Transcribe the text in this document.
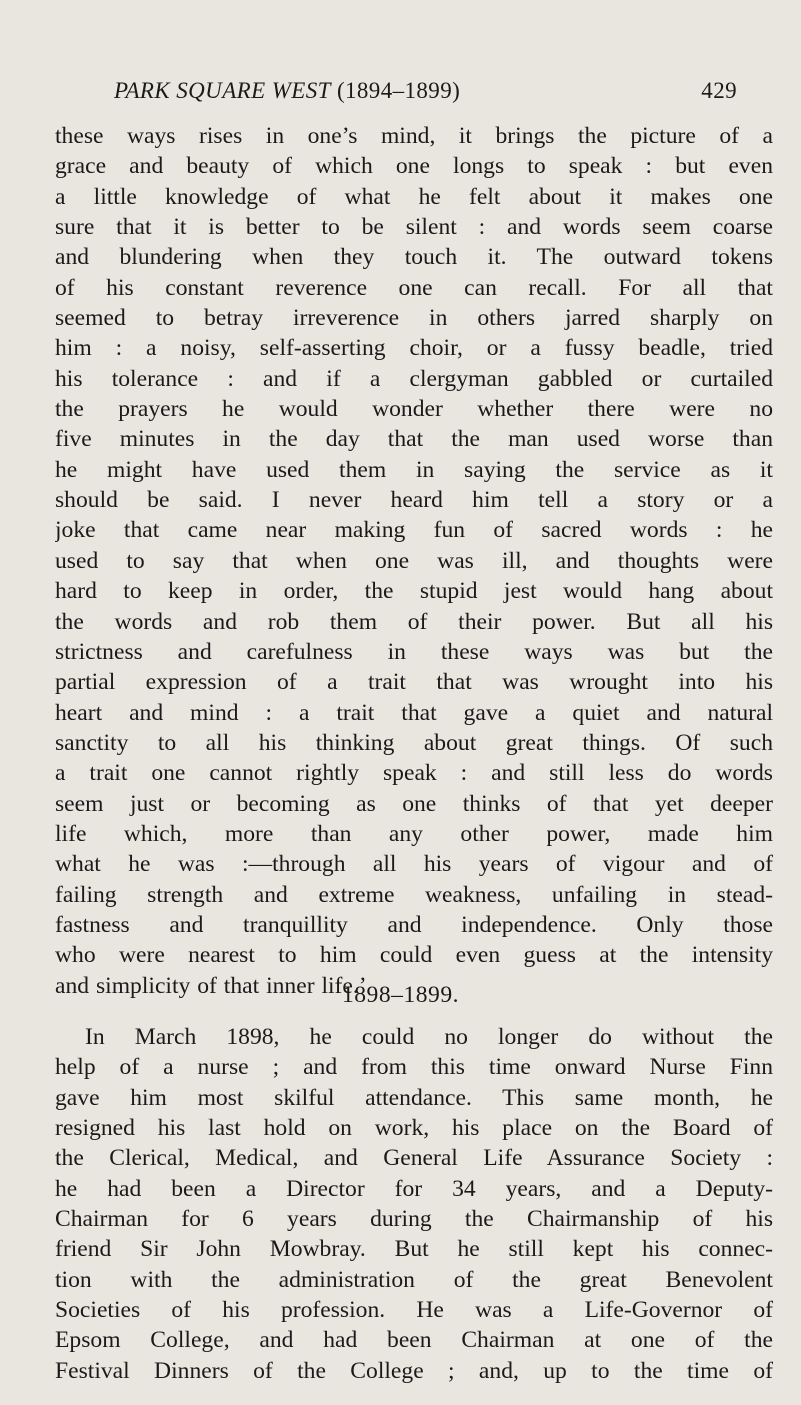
PARK SQUARE WEST (1894–1899)	429
these ways rises in one’s mind, it brings the picture of a
grace and beauty of which one longs to speak : but even
a little knowledge of what he felt about it makes one
sure that it is better to be silent : and words seem coarse
and blundering when they touch it. The outward tokens
of his constant reverence one can recall. For all that
seemed to betray irreverence in others jarred sharply on
him : a noisy, self-asserting choir, or a fussy beadle, tried
his tolerance : and if a clergyman gabbled or curtailed
the prayers he would wonder whether there were no
five minutes in the day that the man used worse than
he might have used them in saying the service as it
should be said. I never heard him tell a story or a
joke that came near making fun of sacred words : he
used to say that when one was ill, and thoughts were
hard to keep in order, the stupid jest would hang about
the words and rob them of their power. But all his
strictness and carefulness in these ways was but the
partial expression of a trait that was wrought into his
heart and mind : a trait that gave a quiet and natural
sanctity to all his thinking about great things. Of such
a trait one cannot rightly speak : and still less do words
seem just or becoming as one thinks of that yet deeper
life which, more than any other power, made him
what he was :—through all his years of vigour and of
failing strength and extreme weakness, unfailing in stead-
fastness and tranquillity and independence. Only those
who were nearest to him could even guess at the intensity
and simplicity of that inner life.’
1898–1899.
In March 1898, he could no longer do without the
help of a nurse ; and from this time onward Nurse Finn
gave him most skilful attendance. This same month, he
resigned his last hold on work, his place on the Board of
the Clerical, Medical, and General Life Assurance Society :
he had been a Director for 34 years, and a Deputy-
Chairman for 6 years during the Chairmanship of his
friend Sir John Mowbray. But he still kept his connec-
tion with the administration of the great Benevolent
Societies of his profession. He was a Life-Governor of
Epsom College, and had been Chairman at one of the
Festival Dinners of the College ; and, up to the time of
